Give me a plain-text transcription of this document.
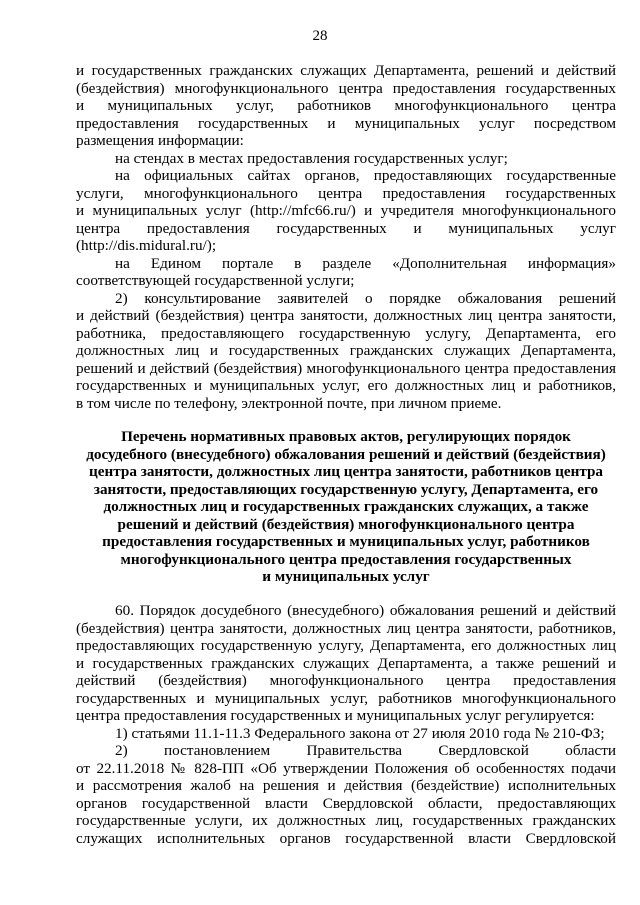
28
и государственных гражданских служащих Департамента, решений и действий
(бездействия) многофункционального центра предоставления государственных
и муниципальных услуг, работников многофункционального центра
предоставления государственных и муниципальных услуг посредством
размещения информации:
на стендах в местах предоставления государственных услуг;
на официальных сайтах органов, предоставляющих государственные
услуги, многофункционального центра предоставления государственных
и муниципальных услуг (http://mfc66.ru/) и учредителя многофункционального
центра предоставления государственных и муниципальных услуг
(http://dis.midural.ru/);
на Едином портале в разделе «Дополнительная информация»
соответствующей государственной услуги;
2) консультирование заявителей о порядке обжалования решений
и действий (бездействия) центра занятости, должностных лиц центра занятости,
работника, предоставляющего государственную услугу, Департамента, его
должностных лиц и государственных гражданских служащих Департамента,
решений и действий (бездействия) многофункционального центра предоставления
государственных и муниципальных услуг, его должностных лиц и работников,
в том числе по телефону, электронной почте, при личном приеме.
Перечень нормативных правовых актов, регулирующих порядок
досудебного (внесудебного) обжалования решений и действий (бездействия)
центра занятости, должностных лиц центра занятости, работников центра
занятости, предоставляющих государственную услугу, Департамента, его
должностных лиц и государственных гражданских служащих, а также
решений и действий (бездействия) многофункционального центра
предоставления государственных и муниципальных услуг, работников
многофункционального центра предоставления государственных
и муниципальных услуг
60. Порядок досудебного (внесудебного) обжалования решений и действий
(бездействия) центра занятости, должностных лиц центра занятости, работников,
предоставляющих государственную услугу, Департамента, его должностных лиц
и государственных гражданских служащих Департамента, а также решений и
действий (бездействия) многофункционального центра предоставления
государственных и муниципальных услуг, работников многофункционального
центра предоставления государственных и муниципальных услуг регулируется:
1) статьями 11.1-11.3 Федерального закона от 27 июля 2010 года № 210-ФЗ;
2) постановлением Правительства Свердловской области
от 22.11.2018 № 828-ПП «Об утверждении Положения об особенностях подачи
и рассмотрения жалоб на решения и действия (бездействие) исполнительных
органов государственной власти Свердловской области, предоставляющих
государственные услуги, их должностных лиц, государственных гражданских
служащих исполнительных органов государственной власти Свердловской
